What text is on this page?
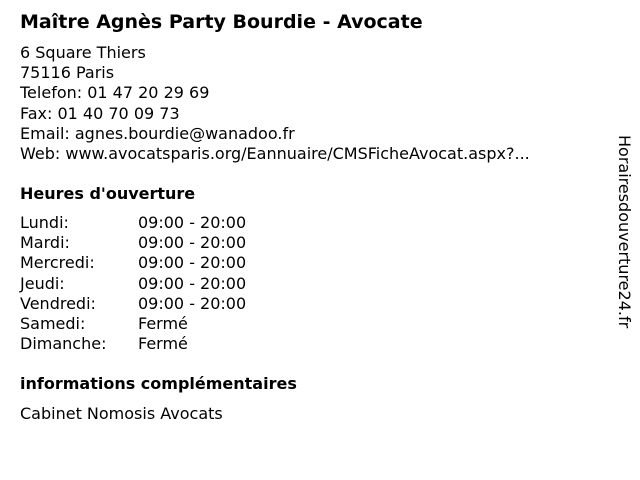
Maître Agnès Party Bourdie - Avocate
6 Square Thiers
75116 Paris
Telefon: 01 47 20 29 69
Fax: 01 40 70 09 73
Email: agnes.bourdie@wanadoo.fr
Web: www.avocatsparis.org/Eannuaire/CMSFicheAvocat.aspx?...
Heures d'ouverture
Lundi:	09:00 - 20:00
Mardi:	09:00 - 20:00
Mercredi:	09:00 - 20:00
Jeudi:	09:00 - 20:00
Vendredi:	09:00 - 20:00
Samedi:	Fermé
Dimanche:	Fermé
informations complémentaires
Cabinet Nomosis Avocats
Horairesdouverture24.fr
